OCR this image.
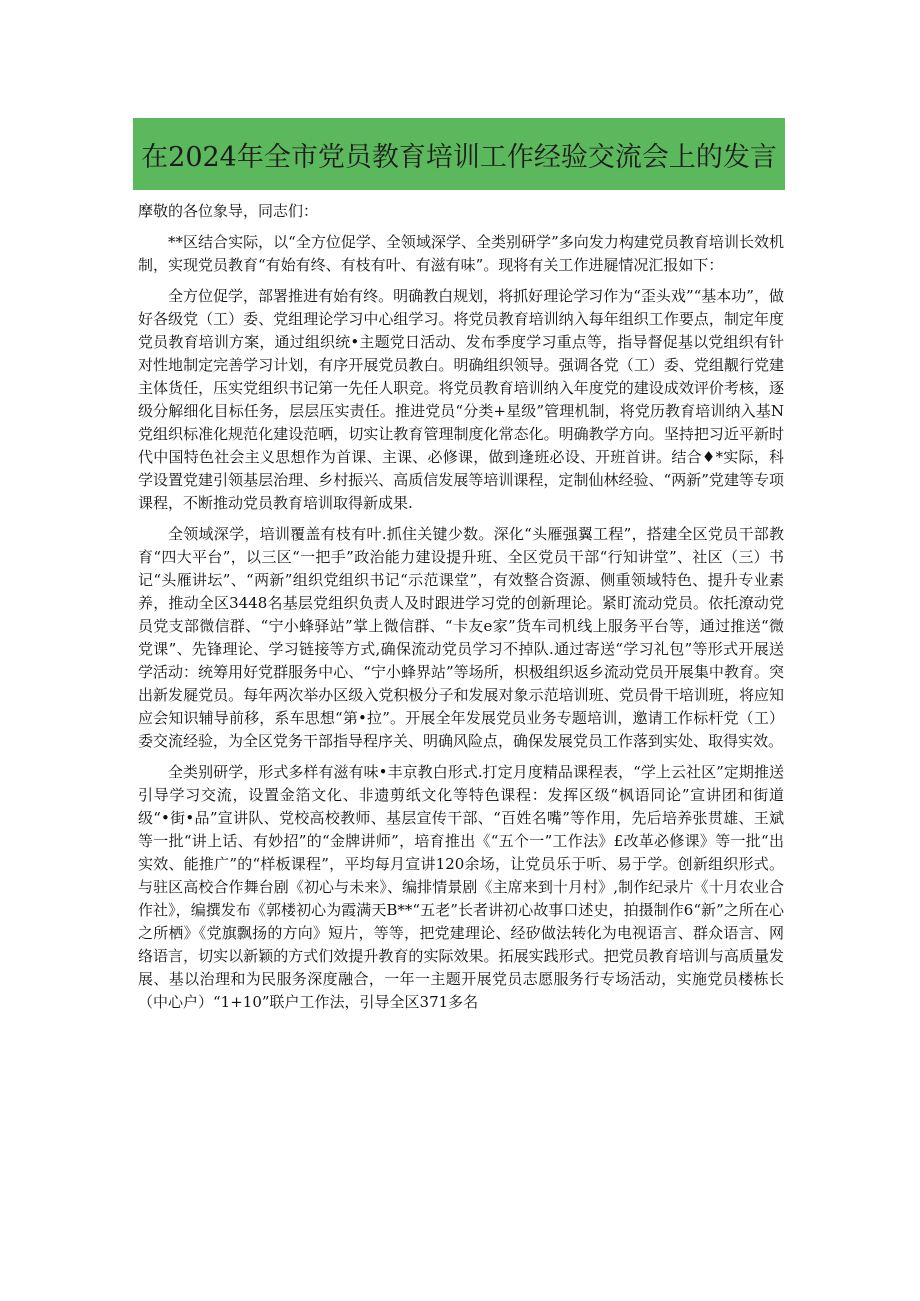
在2024年全市党员教育培训工作经验交流会上的发言

摩敬的各位象导，同志们：

**区结合实际，以“全方位促学、全领域深学、全类别研学”多向发力构建党员教育培训长效机制，实现党员教育“有始有终、有枝有叶、有滋有味”。现将有关工作进屣情况汇报如下：

全方位促学，部署推进有始有终。明确教白规划，将抓好理论学习作为“歪头戏”“基本功”，做好各级党（工）委、党组理论学习中心组学习。将党员教育培训纳入每年组织工作要点，制定年度党员教育培训方案，通过组织统•主题党日活动、发布季度学习重点等，指导督促基以党组织有针对性地制定完善学习计划，有序开展党员教白。明确组织领导。强调各党（工）委、党组觏行党建主体货任，压实党组织书记第一先任人职竞。将党员教育培训纳入年度党的建设成效评价考核，逐级分解细化目标任务，层层压实责任。推进党员“分类+星级”管理机制，将党历教育培训纳入基N党组织标准化规范化建设范晒，切实让教育管理制度化常态化。明确教学方向。坚持把习近平新时代中国特色社会主义思想作为首课、主课、必修课，做到逢班必设、开班首讲。结合♦*实际，科学设置党建引领基层治理、乡村振兴、高质信发展等培训课程，定制仙林经验、“两新”党建等专项课程，不断推动党员教育培训取得新成果.

全领域深学，培训覆盖有枝有叶.抓住关键少数。深化“头雁强翼工程”，搭建全区党员干部教育“四大平台”，以三区“一把手”政治能力建设提升班、全区党员干部“行知讲堂”、社区（三）书记“头雁讲坛”、“两新”组织党组织书记“示范课堂”，有效整合资源、侧重领域特色、提升专业素养，推动全区3448名基层党组织负责人及时跟进学习党的创新理论。紧盯流动党员。依托潦动党员党支部微信群、“宁小蜂驿站”掌上微信群、“卡友e家”货车司机线上服务平台等，通过推送“微党课”、先锋理论、学习链接等方式,确保流动党员学习不掉队.通过寄送“学习礼包”等形式开展送学活动：统筹用好党群服务中心、“宁小蜂界站”等场所，枳极组织返乡流动党员开展集中教育。突出新发屣党员。每年两次举办区级入党积极分子和发展对象示范培训班、党员骨干培训班，将应知应会知识辅导前移，系车思想“第•拉”。开展全年发展党员业务专题培训，邀请工作标杆党（工）委交流经验，为全区党务干部指导程序关、明确风险点，确保发展党员工作落到实处、取得实效。

全类别研学，形式多样有滋有味•丰京教白形式.打定月度精品课程表，“学上云社区”定期推送引导学习交流，设置金箔文化、非遗剪纸文化等特色课程：发挥区级“枫语同论”宣讲团和街道级“•街•品”宣讲队、党校高校教师、基层宣传干部、“百姓名嘴”等作用，先后培养张贯雄、王斌等一批“讲上话、有妙招”的“金牌讲师”，培育推出《“五个一”工作法》£改革必修课》等一批“出实效、能推广”的“样板课程”，平均每月宣讲120余场，让党员乐于听、易于学。创新组织形式。与驻区高校合作舞台剧《初心与未来》、编排情景剧《主席来到十月村》,制作纪录片《十月农业合作社》，编撰发布《郭楼初心为霞满天B**“五老”长者讲初心故事口述史，拍摄制作6“新”之所在心之所栖》《党旗飘扬的方向》短片，等等，把党建理论、经矽做法转化为电视语言、群众语言、网络语言，切实以新颖的方式们效提升教育的实际效果。拓展实践形式。把党员教育培训与高质量发展、基以治理和为民服务深度融合，一年一主题开展党员志愿服务行专场活动，实施党员楼栋长（中心户）“1+10”联户工作法，引导全区371多名
